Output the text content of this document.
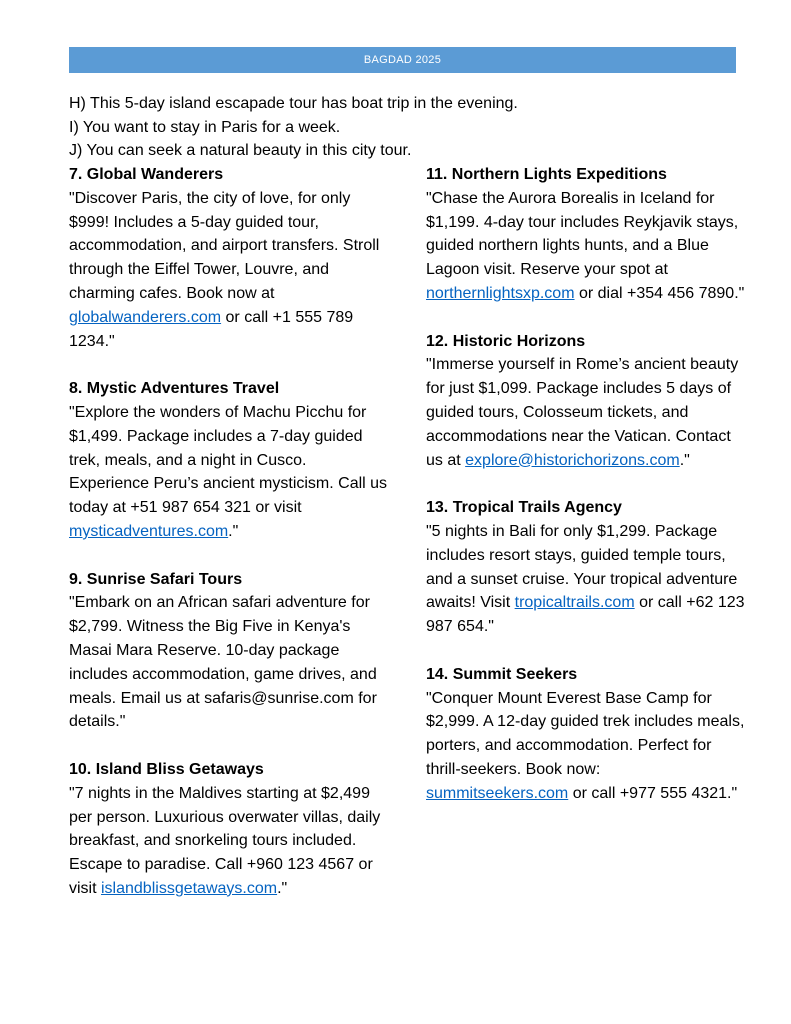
BAGDAD 2025
H) This 5-day island escapade tour has boat trip in the evening.
I) You want to stay in Paris for a week.
J) You can seek a natural beauty in this city tour.
7. Global Wanderers
"Discover Paris, the city of love, for only $999! Includes a 5-day guided tour, accommodation, and airport transfers. Stroll through the Eiffel Tower, Louvre, and charming cafes. Book now at globalwanderers.com or call +1 555 789 1234."
8. Mystic Adventures Travel
"Explore the wonders of Machu Picchu for $1,499. Package includes a 7-day guided trek, meals, and a night in Cusco. Experience Peru’s ancient mysticism. Call us today at +51 987 654 321 or visit mysticadventures.com."
9. Sunrise Safari Tours
"Embark on an African safari adventure for $2,799. Witness the Big Five in Kenya's Masai Mara Reserve. 10-day package includes accommodation, game drives, and meals. Email us at safaris@sunrise.com for details."
10. Island Bliss Getaways
"7 nights in the Maldives starting at $2,499 per person. Luxurious overwater villas, daily breakfast, and snorkeling tours included. Escape to paradise. Call +960 123 4567 or visit islandblissgetaways.com."
11. Northern Lights Expeditions
"Chase the Aurora Borealis in Iceland for $1,199. 4-day tour includes Reykjavik stays, guided northern lights hunts, and a Blue Lagoon visit. Reserve your spot at northernlightsxp.com or dial +354 456 7890."
12. Historic Horizons
"Immerse yourself in Rome’s ancient beauty for just $1,099. Package includes 5 days of guided tours, Colosseum tickets, and accommodations near the Vatican. Contact us at explore@historichorizons.com."
13. Tropical Trails Agency
"5 nights in Bali for only $1,299. Package includes resort stays, guided temple tours, and a sunset cruise. Your tropical adventure awaits! Visit tropicaltrails.com or call +62 123 987 654."
14. Summit Seekers
"Conquer Mount Everest Base Camp for $2,999. A 12-day guided trek includes meals, porters, and accommodation. Perfect for thrill-seekers. Book now: summitseekers.com or call +977 555 4321."
